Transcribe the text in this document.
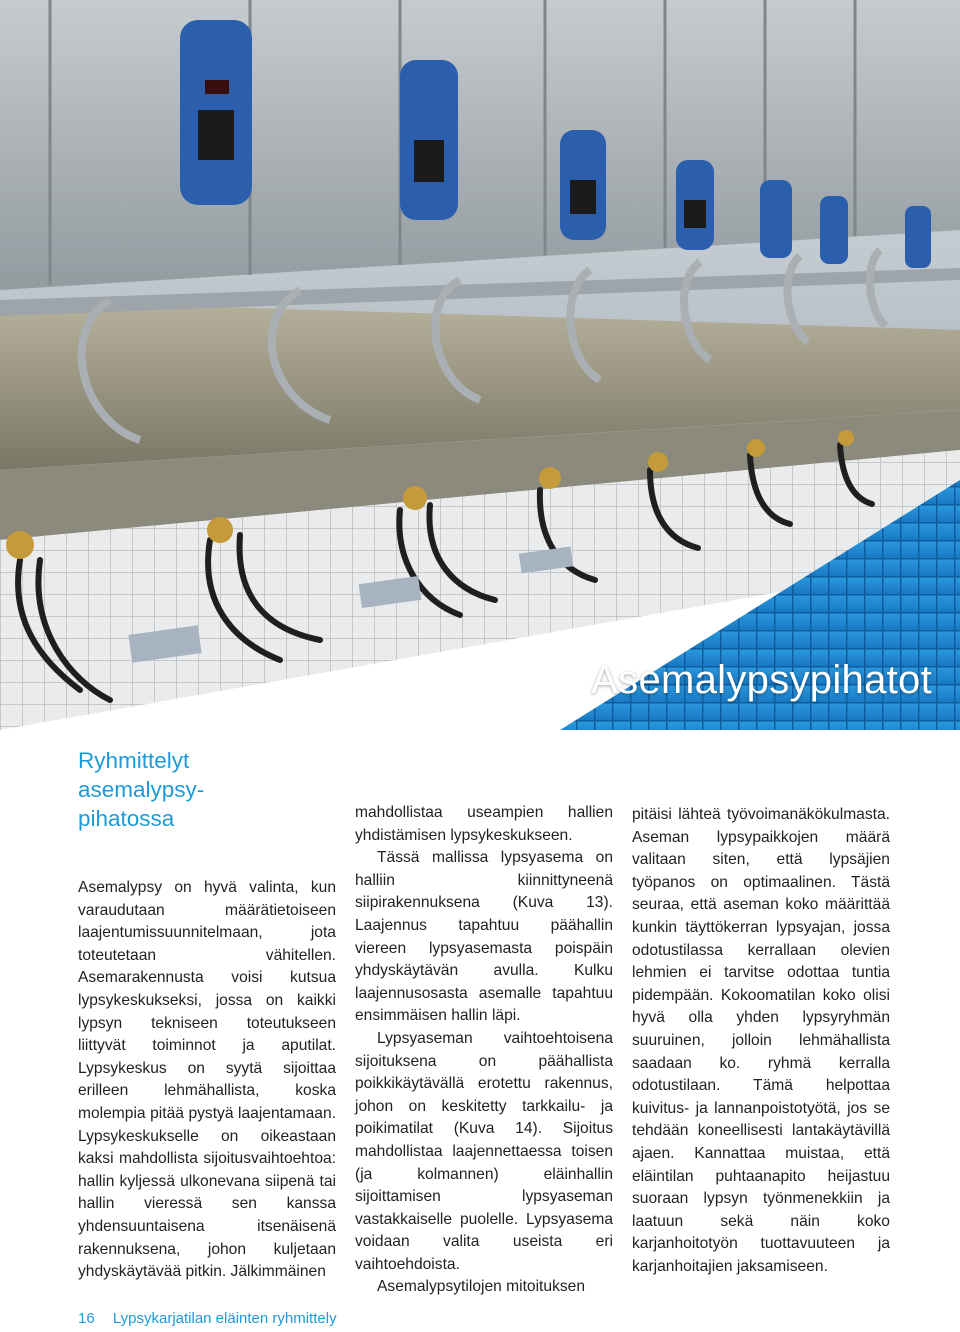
Asemalypsypihatot
Ryhmittelyt
asemalypsy-
pihatossa

Asemalypsy on hyvä valinta, kun varaudutaan määrätietoiseen laajentumissuunnitelmaan, jota toteutetaan vähitellen. Asemarakennusta voisi kutsua lypsykeskukseksi, jossa on kaikki lypsyn tekniseen toteutukseen liittyvät toiminnot ja aputilat. Lypsykeskus on syytä sijoittaa erilleen lehmähallista, koska molempia pitää pystyä laajentamaan. Lypsykeskukselle on oikeastaan kaksi mahdollista sijoitusvaihtoehtoa: hallin kyljessä ulkonevana siipenä tai hallin vieressä sen kanssa yhdensuuntaisena itsenäisenä rakennuksena, johon kuljetaan yhdyskäytävää pitkin. Jälkimmäinen

mahdollistaa useampien hallien yhdistämisen lypsykeskukseen.

Tässä mallissa lypsyasema on halliin kiinnittyneenä siipirakennuksena (Kuva 13). Laajennus tapahtuu päähallin viereen lypsyasemasta poispäin yhdyskäytävän avulla. Kulku laajennusosasta asemalle tapahtuu ensimmäisen hallin läpi.

Lypsyaseman vaihtoehtoisena sijoituksena on päähallista poikkikäytävällä erotettu rakennus, johon on keskitetty tarkkailu- ja poikimatilat (Kuva 14). Sijoitus mahdollistaa laajennettaessa toisen (ja kolmannen) eläinhallin sijoittamisen lypsyaseman vastakkaiselle puolelle. Lypsyasema voidaan valita useista eri vaihtoehdoista.

Asemalypsytilojen mitoituksen

pitäisi lähteä työvoimanäkökulmasta. Aseman lypsypaikkojen määrä valitaan siten, että lypsäjien työpanos on optimaalinen. Tästä seuraa, että aseman koko määrittää kunkin täyttökerran lypsyajan, jossa odotustilassa kerrallaan olevien lehmien ei tarvitse odottaa tuntia pidempään. Kokoomatilan koko olisi hyvä olla yhden lypsyryhmän suuruinen, jolloin lehmähallista saadaan ko. ryhmä kerralla odotustilaan. Tämä helpottaa kuivitus- ja lannanpoistotyötä, jos se tehdään koneellisesti lantakäytävillä ajaen. Kannattaa muistaa, että eläintilan puhtaanapito heijastuu suoraan lypsyn työnmenekkiin ja laatuun sekä näin koko karjanhoitotyön tuottavuuteen ja karjanhoitajien jaksamiseen.

16 Lypsykarjatilan eläinten ryhmittely
